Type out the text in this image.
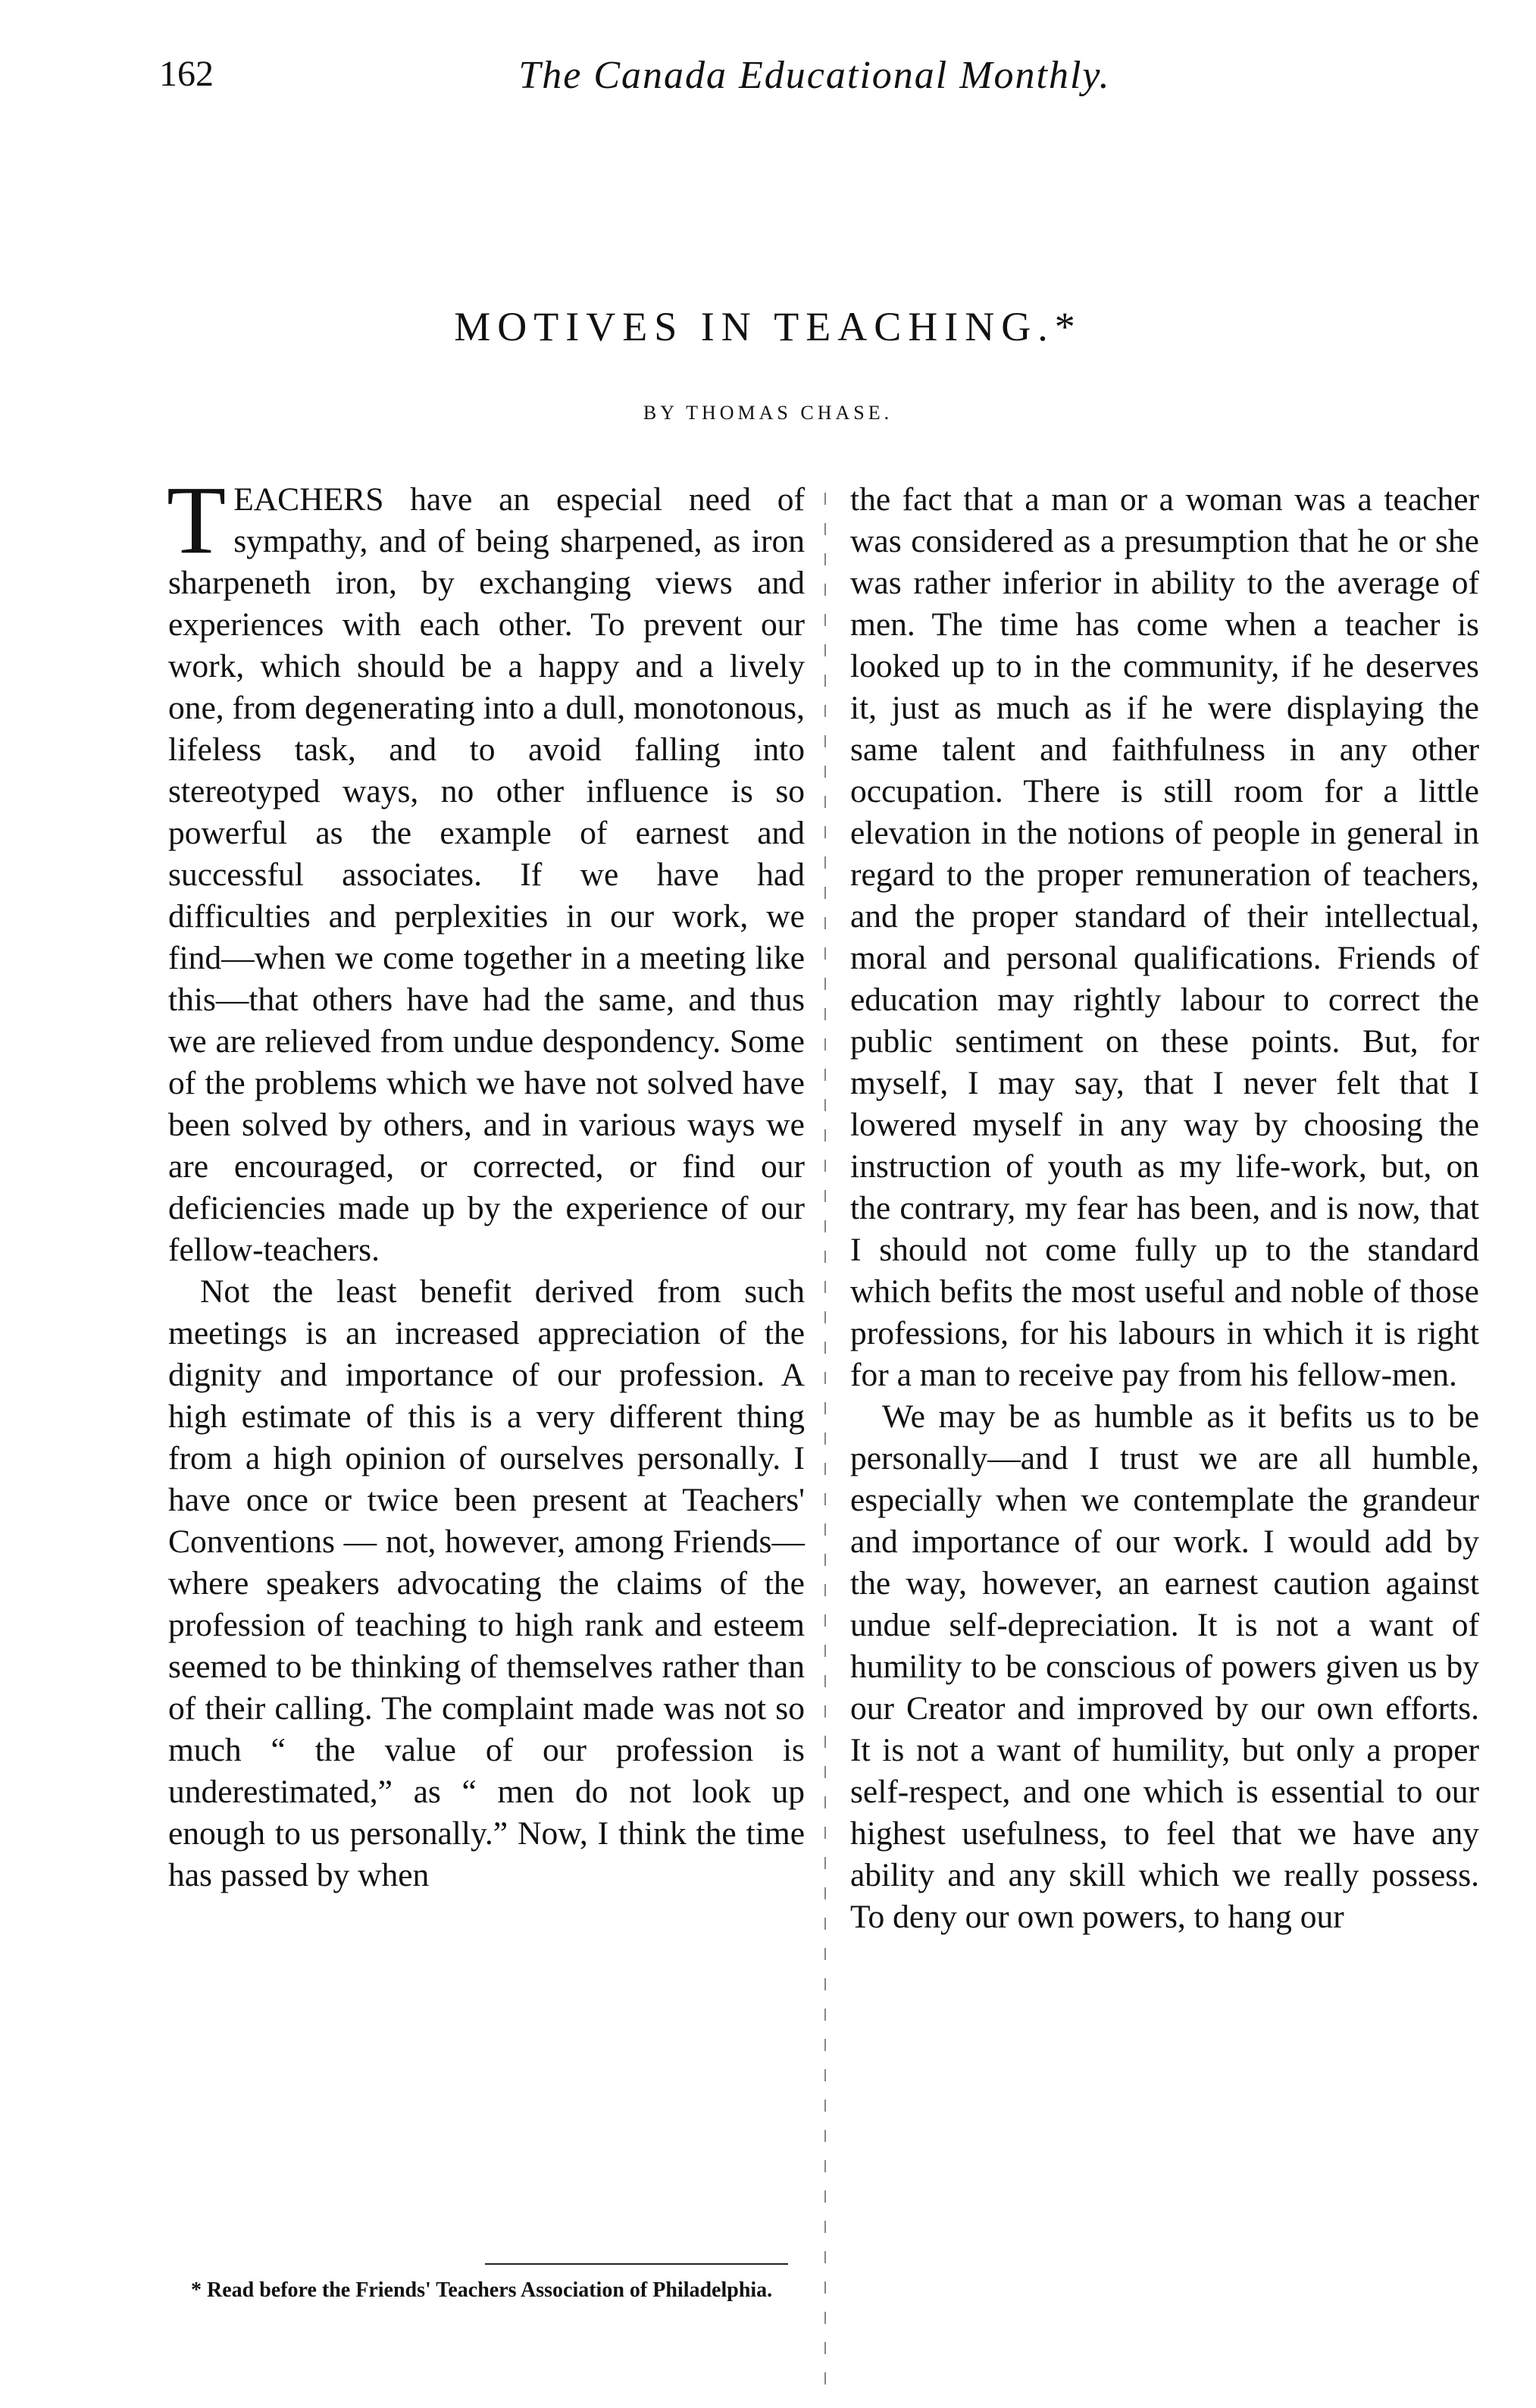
162	The Canada Educational Monthly.
MOTIVES IN TEACHING.*
BY THOMAS CHASE.

TEACHERS have an especial need of sympathy, and of being sharpened, as iron sharpeneth iron, by exchanging views and experiences with each other. To prevent our work, which should be a happy and a lively one, from degenerating into a dull, monotonous, lifeless task, and to avoid falling into stereotyped ways, no other influence is so powerful as the example of earnest and successful associates. If we have had difficulties and perplexities in our work, we find—when we come together in a meeting like this—that others have had the same, and thus we are relieved from undue despondency. Some of the problems which we have not solved have been solved by others, and in various ways we are encouraged, or corrected, or find our deficiencies made up by the experience of our fellow-teachers.

Not the least benefit derived from such meetings is an increased appreciation of the dignity and importance of our profession. A high estimate of this is a very different thing from a high opinion of ourselves personally. I have once or twice been present at Teachers' Conventions — not, however, among Friends—where speakers advocating the claims of the profession of teaching to high rank and esteem seemed to be thinking of themselves rather than of their calling. The complaint made was not so much “ the value of our profession is underestimated,” as “ men do not look up enough to us personally.” Now, I think the time has passed by when

the fact that a man or a woman was a teacher was considered as a presumption that he or she was rather inferior in ability to the average of men. The time has come when a teacher is looked up to in the community, if he deserves it, just as much as if he were displaying the same talent and faithfulness in any other occupation. There is still room for a little elevation in the notions of people in general in regard to the proper remuneration of teachers, and the proper standard of their intellectual, moral and personal qualifications. Friends of education may rightly labour to correct the public sentiment on these points. But, for myself, I may say, that I never felt that I lowered myself in any way by choosing the instruction of youth as my life-work, but, on the contrary, my fear has been, and is now, that I should not come fully up to the standard which befits the most useful and noble of those professions, for his labours in which it is right for a man to receive pay from his fellow-men.

We may be as humble as it befits us to be personally—and I trust we are all humble, especially when we contemplate the grandeur and importance of our work. I would add by the way, however, an earnest caution against undue self-depreciation. It is not a want of humility to be conscious of powers given us by our Creator and improved by our own efforts. It is not a want of humility, but only a proper self-respect, and one which is essential to our highest usefulness, to feel that we have any ability and any skill which we really possess. To deny our own powers, to hang our

* Read before the Friends' Teachers Association of Philadelphia.
